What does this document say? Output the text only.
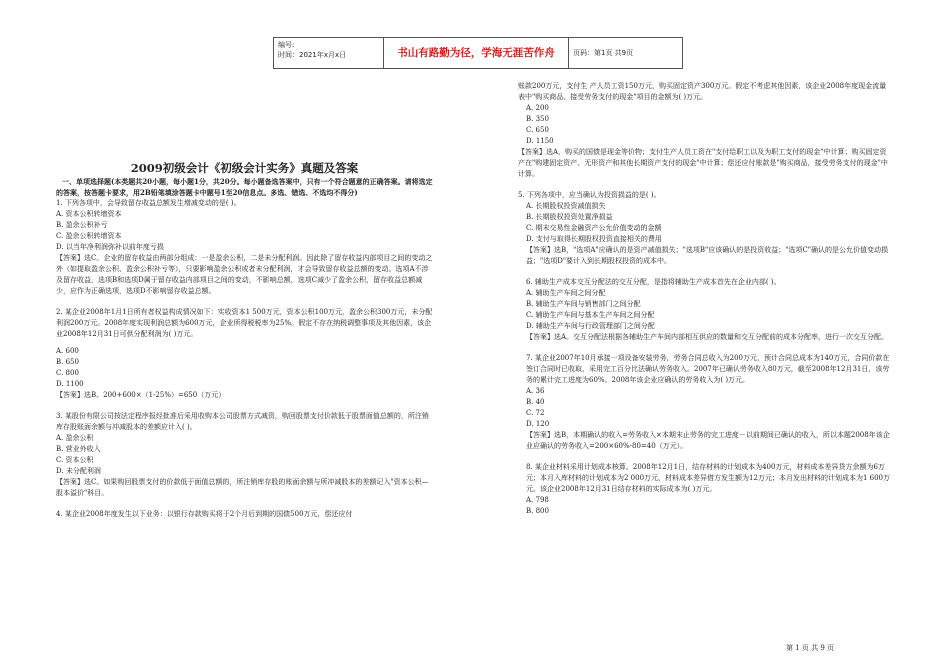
编号:
时间：2021年x月x日	书山有路勤为径，学海无涯苦作舟	页码：第1页 共9页

2009初级会计《初级会计实务》真题及答案

一、单项选择题(本类题共20小题，每小题1分，共20分。每小题备选答案中，只有一个符合题意的正确答案。请将选定的答案，按答题卡要求，用2B铅笔填涂答题卡中题号1至20信息点。多选、错选、不选均不得分)

1. 下列各项中，会导致留存收益总额发生增减变动的是( )。

A. 资本公积转增资本

B. 盈余公积补亏

C. 盈余公积转增资本

D. 以当年净利润弥补以前年度亏损

【答案】选C。企业的留存收益由两部分组成：一是盈余公积，二是未分配利润。因此除了留存收益内部项目之间的变动之外（如提取盈余公积、盈余公积补亏等），只要影响盈余公积或者未分配利润，才会导致留存收益总额的变动。选项A不涉及留存收益，选项B和选项D属于留存收益内部项目之间的变动，不影响总额，选项C减少了盈余公积，留存收益总额减少，应作为正确选项，选项D不影响留存收益总额。

2. 某企业2008年1月1日所有者权益构成情况如下：实收资本1 500万元，资本公积100万元，盈余公积300万元，未分配利润200万元。2008年度实现利润总额为600万元，企业所得税税率为25%。假定不存在纳税调整事项及其他因素，该企业2008年12月31日可供分配利润为( )万元。

A. 600

B. 650

C. 800

D. 1100

【答案】选B。200+600×（1-25%）=650（万元）

3. 某股份有限公司按法定程序报经批准后采用收购本公司股票方式减资，购回股票支付价款低于股票面值总额的，所注销库存股账面余额与冲减股本的差额应计入( )。

A. 盈余公积

B. 营业外收入

C. 资本公积

D. 未分配利润

【答案】选C。如果购回股票支付的价款低于面值总额的，所注销库存股的账面余额与所冲减股本的差额记入"资本公积—股本溢价"科目。

4. 某企业2008年度发生以下业务：以银行存款购买将于2个月后到期的国债500万元，偿还应付

账款200万元，支付生 产人员工资150万元，购买固定资产300万元。假定不考虑其他因素，该企业2008年度现金流量表中"购买商品、接受劳务支付的现金"项目的金额为( )万元。

A. 200

B. 350

C. 650

D. 1150

【答案】选A，购买的国债是现金等价物；支付生产人员工资在"支付给职工以及为职工支付的现金"中计算；购买固定资产在"购建固定资产、无形资产和其他长期资产支付的现金"中计算；偿还应付账款是"购买商品，接受劳务支付的现金"中计算。

5. 下列各项中，应当确认为投资损益的是( )。

A. 长期股权投资减值损失

B. 长期股权投资处置净损益

C. 期末交易性金融资产公允价值变动的金额

D. 支付与取得长期股权投资直接相关的费用

【答案】选B，"选项A"应确认的是资产减值损失；"选项B"应该确认的是投资收益；"选项C"确认的是公允价值变动损益；"选项D"要计入到长期股权投资的成本中。

6. 辅助生产成本交互分配法的交互分配，是指将辅助生产成本首先在企业内部( )。

A. 辅助生产车间之间分配

B. 辅助生产车间与销售部门之间分配

C. 辅助生产车间与基本生产车间之间分配

D. 辅助生产车间与行政管理部门之间分配

【答案】选A。交互分配法根据各辅助生产车间内部相互供应的数量和交互分配前的成本分配率，进行一次交互分配。

7. 某企业2007年10月承接一项设备安装劳务，劳务合同总收入为200万元，预计合同总成本为140万元，合同价款在签订合同时已收取，采用完工百分比法确认劳务收入。2007年已确认劳务收入80万元，截至2008年12月31日，该劳务的累计完工进度为60%。2008年该企业应确认的劳务收入为( )万元。

A. 36

B. 40

C. 72

D. 120

【答案】选B，本期确认的收入=劳务收入×本期末止劳务的完工进度－以前期间已确认的收入，所以本题2008年该企业应确认的劳务收入=200×60%-80=40（万元）。

8. 某企业材料采用计划成本核算。2008年12月1日，结存材料的计划成本为400万元，材料成本差异贷方余额为6万元；本月入库材料的计划成本为2 000万元，材料成本差异借方发生额为12万元；本月发出材料的计划成本为1 600万元。该企业2008年12月31日结存材料的实际成本为( )万元。

A. 798

B. 800

第 1 页 共 9 页
